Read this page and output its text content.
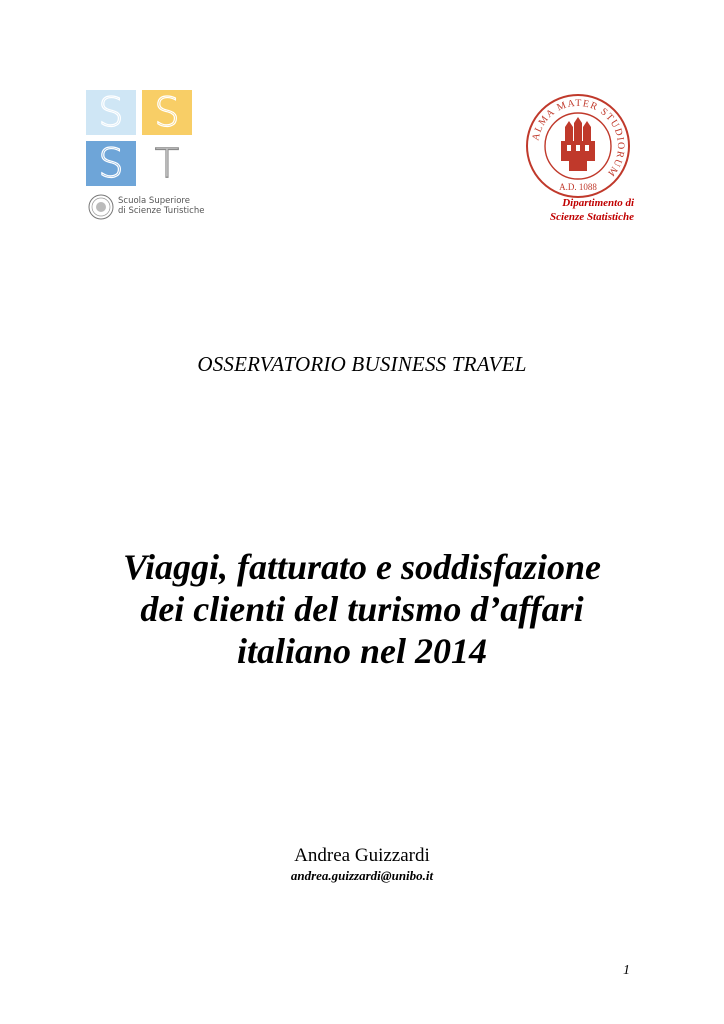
S S
S T
Scuola Superiore
di Scienze Turistiche
ALMA MATER STUDIORUM
A.D. 1088
Dipartimento di
Scienze Statistiche
OSSERVATORIO BUSINESS TRAVEL
Viaggi, fatturato e soddisfazione
dei clienti del turismo d’affari
italiano nel 2014
Andrea Guizzardi
andrea.guizzardi@unibo.it
1
